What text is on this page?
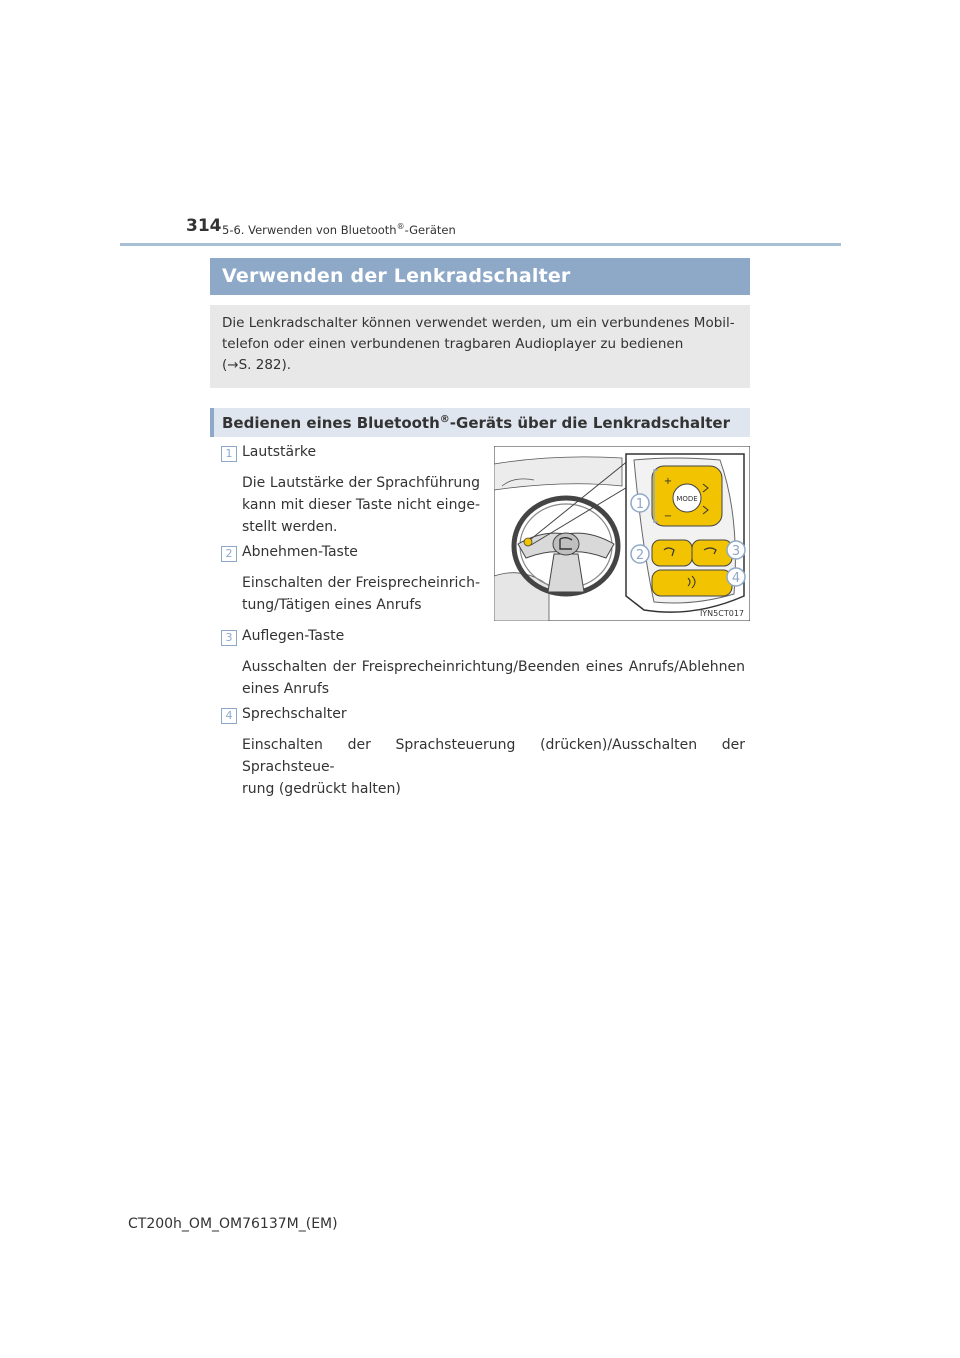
314 5-6. Verwenden von Bluetooth®-Geräten
Verwenden der Lenkradschalter
Die Lenkradschalter können verwendet werden, um ein verbundenes Mobil-
telefon oder einen verbundenen tragbaren Audioplayer zu bedienen
(→S. 282).
Bedienen eines Bluetooth®-Geräts über die Lenkradschalter
1 Lautstärke
Die Lautstärke der Sprachführung
kann mit dieser Taste nicht einge-
stellt werden.
2 Abnehmen-Taste
Einschalten der Freisprecheinrich-
tung/Tätigen eines Anrufs
MODE
+
−
1
2	3
4
IYN5CT017
3 Auflegen-Taste
Ausschalten der Freisprecheinrichtung/Beenden eines Anrufs/Ablehnen
eines Anrufs
4 Sprechschalter
Einschalten der Sprachsteuerung (drücken)/Ausschalten der Sprachsteue-
rung (gedrückt halten)
CT200h_OM_OM76137M_(EM)
